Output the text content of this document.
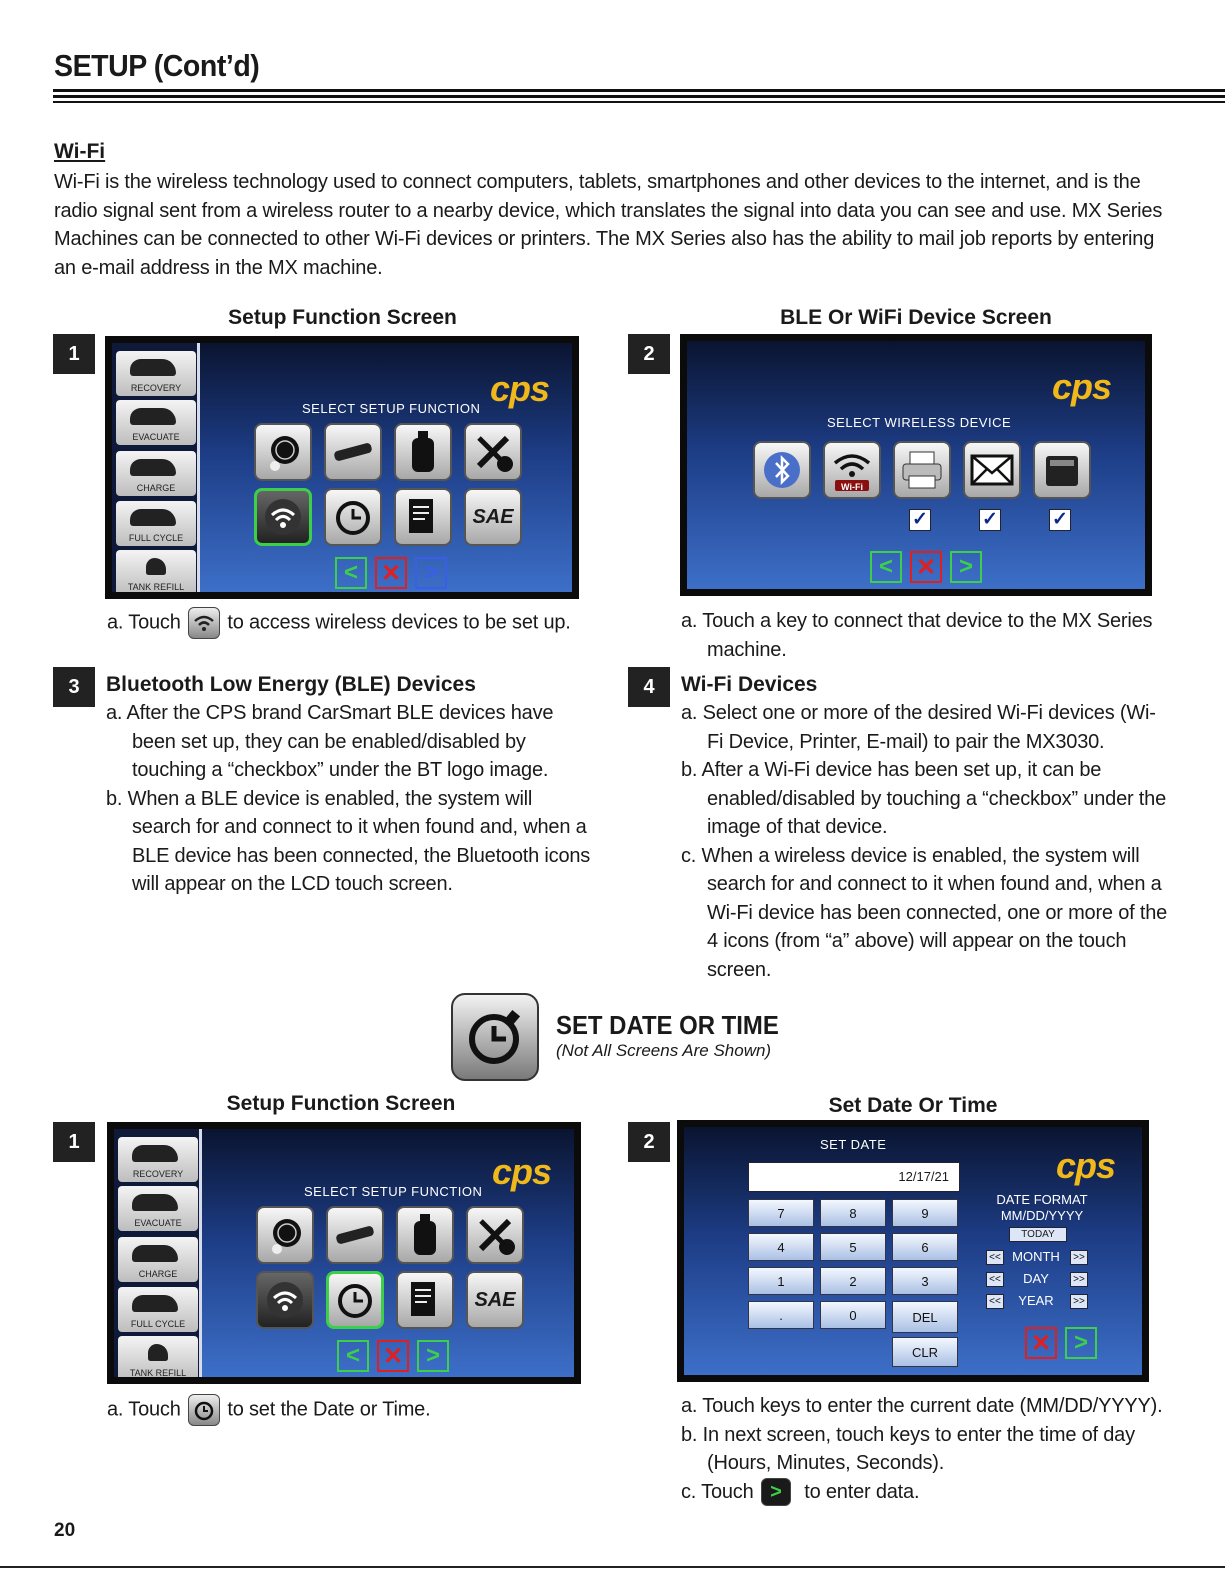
SETUP (Cont’d)
Wi-Fi
Wi-Fi is the wireless technology used to connect computers, tablets, smartphones and other devices to the internet, and is the radio signal sent from a wireless router to a nearby device, which translates the signal into data you can see and use. MX Series Machines can be connected to other Wi-Fi devices or printers. The MX Series also has the ability to mail job reports by entering an e-mail address in the MX machine.
Setup Function Screen
1
RECOVERY
EVACUATE
CHARGE
FULL CYCLE
TANK REFILL
SELECT SETUP FUNCTION cps
SAE
< ✕ >
a. Touch to access wireless devices to be set up.
BLE Or WiFi Device Screen
2
SELECT WIRELESS DEVICE
cps
Wi-Fi
✓	✓	✓
< ✕ >
a. Touch a key to connect that device to the MX Series machine.
3	Bluetooth Low Energy (BLE) Devices
a. After the CPS brand CarSmart BLE devices have been set up, they can be enabled/disabled by touching a “checkbox” under the BT logo image.
b. When a BLE device is enabled, the system will search for and connect to it when found and, when a BLE device has been connected, the Bluetooth icons will appear on the LCD touch screen.
4	Wi-Fi Devices
a. Select one or more of the desired Wi-Fi devices (Wi-Fi Device, Printer, E-mail) to pair the MX3030.
b. After a Wi-Fi device has been set up, it can be enabled/disabled by touching a “checkbox” under the image of that device.
c. When a wireless device is enabled, the system will search for and connect to it when found and, when a Wi-Fi device has been connected, one or more of the 4 icons (from “a” above) will appear on the touch screen.
SET DATE OR TIME
(Not All Screens Are Shown)
Setup Function Screen
1
RECOVERY
EVACUATE
CHARGE
FULL CYCLE
TANK REFILL
SELECT SETUP FUNCTION cps
SAE
< ✕ >
a. Touch to set the Date or Time.
Set Date Or Time
2	SET DATE
cps
12/17/21
7	8	9
4	5	6
1	2	3
.	0	DEL
CLR
DATE FORMAT
MM/DD/YYYY
TODAY
<< MONTH	>>
<<	DAY	>>
<<	YEAR	>>
✕ >
a. Touch keys to enter the current date (MM/DD/YYYY).
b. In next screen, touch keys to enter the time of day (Hours, Minutes, Seconds).
c. Touch > to enter data.
20
